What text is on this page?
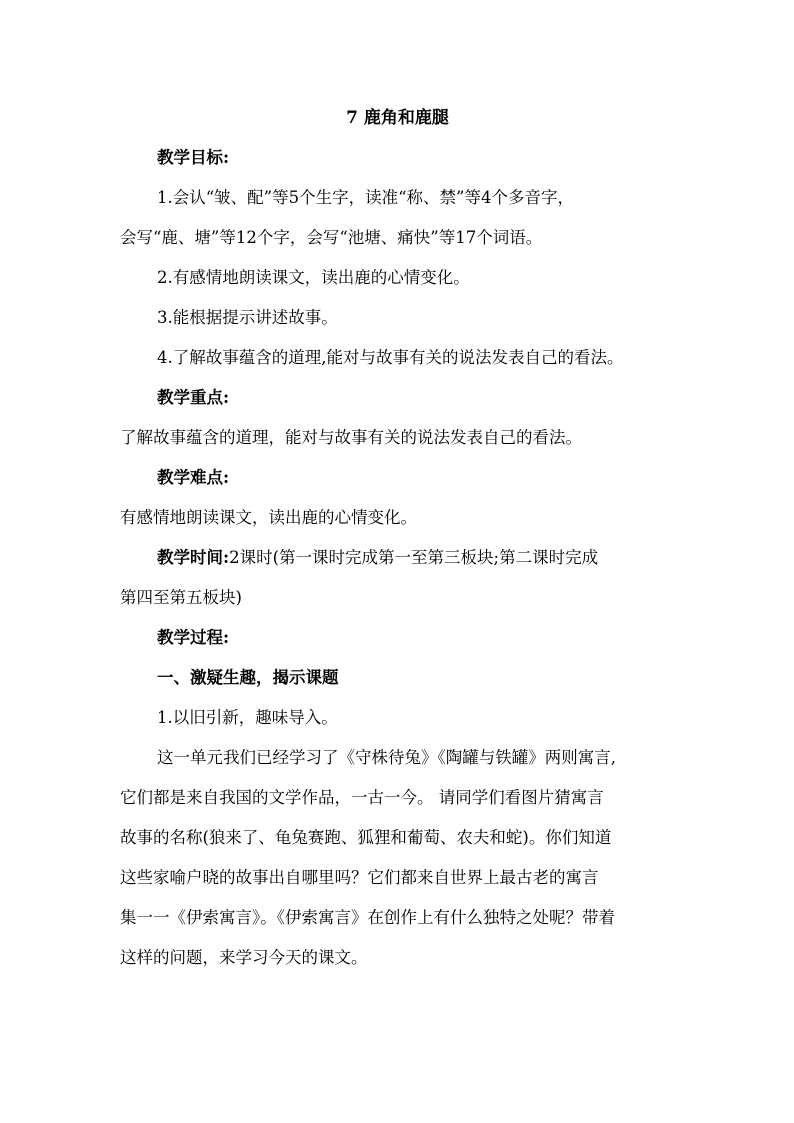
7 鹿角和鹿腿

教学目标:

1.会认“皱、配”等5个生字，读准“称、禁”等4个多音字，

会写“鹿、塘”等12个字，会写“池塘、痛快”等17个词语。

2.有感情地朗读课文，读出鹿的心情变化。

3.能根据提示讲述故事。

4.了解故事蕴含的道理,能对与故事有关的说法发表自己的看法。

教学重点:

了解故事蕴含的道理，能对与故事有关的说法发表自己的看法。

教学难点:

有感情地朗读课文，读出鹿的心情变化。

教学时间:2课时(第一课时完成第一至第三板块;第二课时完成

第四至第五板块)

教学过程:

一、激疑生趣，揭示课题

1.以旧引新，趣味导入。

这一单元我们已经学习了《守株待兔》《陶罐与铁罐》两则寓言,
它们都是来自我国的文学作品，一古一今。 请同学们看图片猜寓言
故事的名称(狼来了、龟兔赛跑、狐狸和葡萄、农夫和蛇)。你们知道
这些家喻户晓的故事出自哪里吗？它们都来自世界上最古老的寓言
集一一《伊索寓言》。《伊索寓言》在创作上有什么独特之处呢？带着
这样的问题，来学习今天的课文。
